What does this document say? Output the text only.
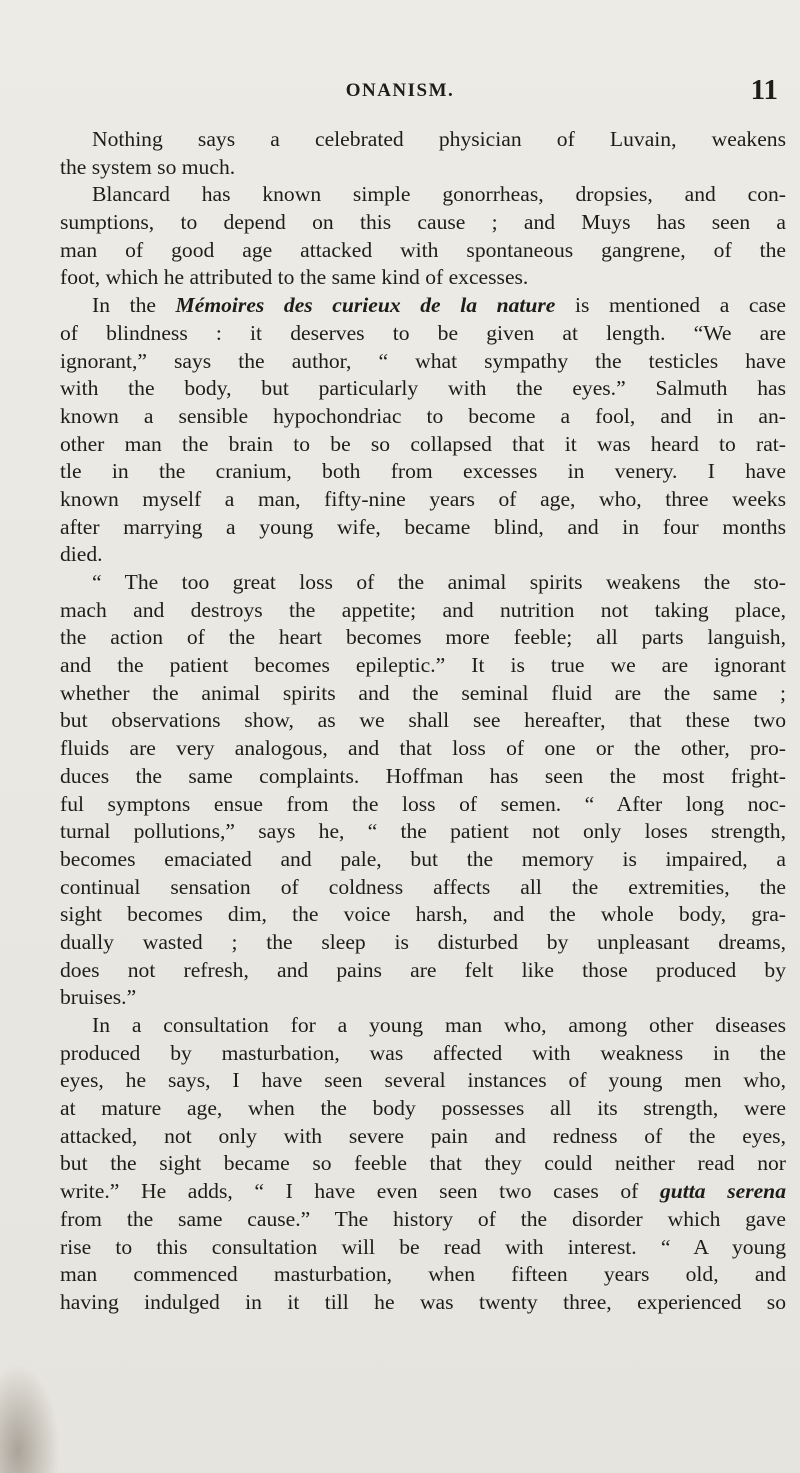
ONANISM.	11
Nothing says a celebrated physician of Luvain, weakens
the system so much.
Blancard has known simple gonorrheas, dropsies, and con-
sumptions, to depend on this cause ; and Muys has seen a
man of good age attacked with spontaneous gangrene, of the
foot, which he attributed to the same kind of excesses.
In the Mémoires des curieux de la nature is mentioned a case
of blindness : it deserves to be given at length. “We are
ignorant,” says the author, “ what sympathy the testicles have
with the body, but particularly with the eyes.” Salmuth has
known a sensible hypochondriac to become a fool, and in an-
other man the brain to be so collapsed that it was heard to rat-
tle in the cranium, both from excesses in venery. I have
known myself a man, fifty-nine years of age, who, three weeks
after marrying a young wife, became blind, and in four months
died.
“ The too great loss of the animal spirits weakens the sto-
mach and destroys the appetite; and nutrition not taking place,
the action of the heart becomes more feeble; all parts languish,
and the patient becomes epileptic.” It is true we are ignorant
whether the animal spirits and the seminal fluid are the same ;
but observations show, as we shall see hereafter, that these two
fluids are very analogous, and that loss of one or the other, pro-
duces the same complaints. Hoffman has seen the most fright-
ful symptons ensue from the loss of semen. “ After long noc-
turnal pollutions,” says he, “ the patient not only loses strength,
becomes emaciated and pale, but the memory is impaired, a
continual sensation of coldness affects all the extremities, the
sight becomes dim, the voice harsh, and the whole body, gra-
dually wasted ; the sleep is disturbed by unpleasant dreams,
does not refresh, and pains are felt like those produced by
bruises.”
In a consultation for a young man who, among other diseases
produced by masturbation, was affected with weakness in the
eyes, he says, I have seen several instances of young men who,
at mature age, when the body possesses all its strength, were
attacked, not only with severe pain and redness of the eyes,
but the sight became so feeble that they could neither read nor
write.” He adds, “ I have even seen two cases of gutta serena
from the same cause.” The history of the disorder which gave
rise to this consultation will be read with interest. “ A young
man commenced masturbation, when fifteen years old, and
having indulged in it till he was twenty three, experienced so
